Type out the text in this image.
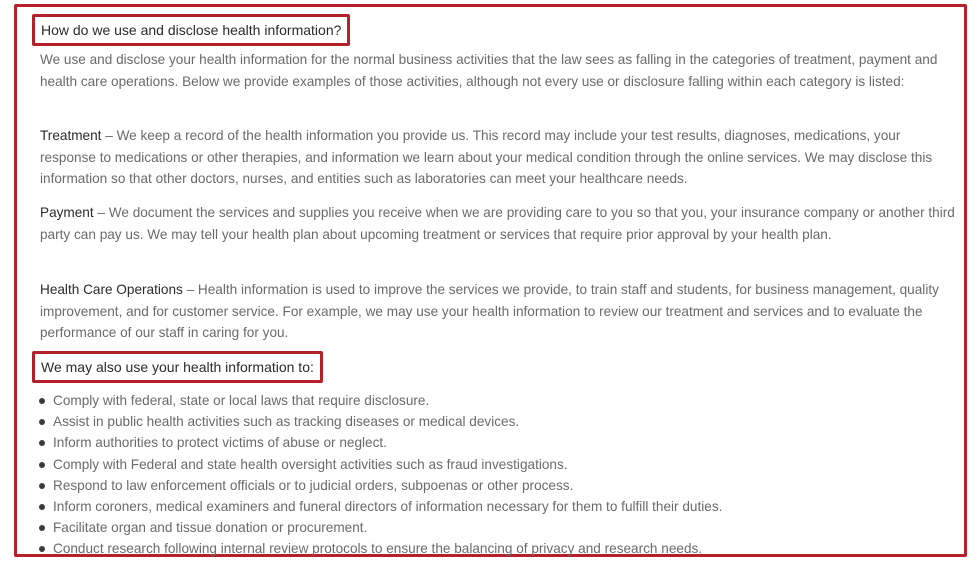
How do we use and disclose health information?

We use and disclose your health information for the normal business activities that the law sees as falling in the categories of treatment, payment and health care operations. Below we provide examples of those activities, although not every use or disclosure falling within each category is listed:

Treatment – We keep a record of the health information you provide us. This record may include your test results, diagnoses, medications, your response to medications or other therapies, and information we learn about your medical condition through the online services. We may disclose this information so that other doctors, nurses, and entities such as laboratories can meet your healthcare needs.

Payment – We document the services and supplies you receive when we are providing care to you so that you, your insurance company or another third party can pay us. We may tell your health plan about upcoming treatment or services that require prior approval by your health plan.

Health Care Operations – Health information is used to improve the services we provide, to train staff and students, for business management, quality improvement, and for customer service. For example, we may use your health information to review our treatment and services and to evaluate the performance of our staff in caring for you.

We may also use your health information to:
Comply with federal, state or local laws that require disclosure.
Assist in public health activities such as tracking diseases or medical devices.
Inform authorities to protect victims of abuse or neglect.
Comply with Federal and state health oversight activities such as fraud investigations.
Respond to law enforcement officials or to judicial orders, subpoenas or other process.
Inform coroners, medical examiners and funeral directors of information necessary for them to fulfill their duties.
Facilitate organ and tissue donation or procurement.
Conduct research following internal review protocols to ensure the balancing of privacy and research needs.
